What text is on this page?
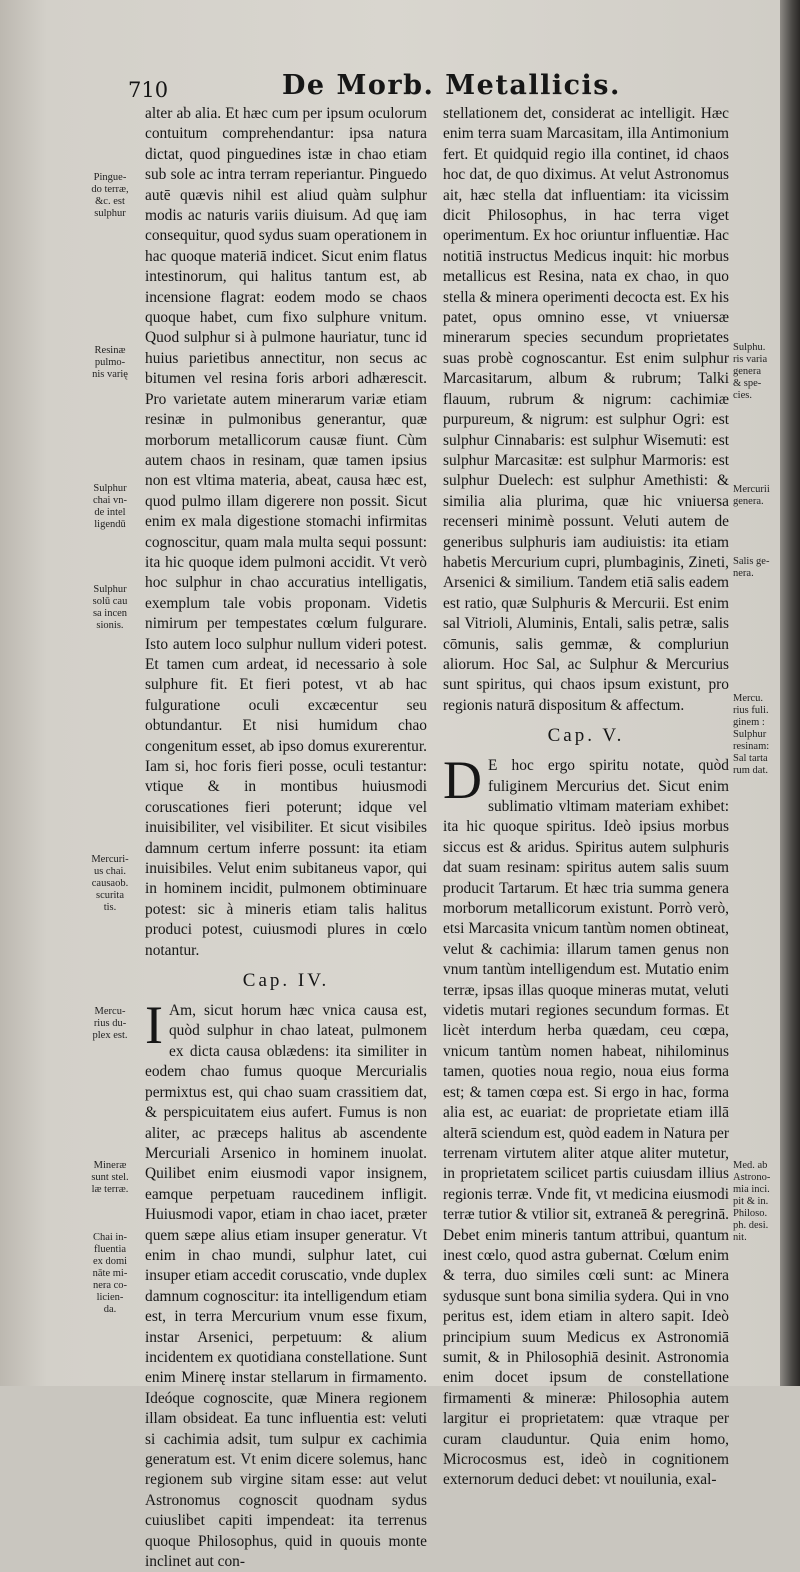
710	De Morb. Metallicis.

alter ab alia. Et hæc cum per ipsum oculorum contuitum comprehendantur: ipsa natura dictat, quod pinguedines istæ in chao etiam sub sole ac intra terram reperiantur. Pinguedo autē quævis nihil est aliud quàm sulphur modis ac naturis variis diuisum. Ad quę iam consequitur, quod sydus suam operationem in hac quoque materiā indicet. Sicut enim flatus intestinorum, qui halitus tantum est, ab incensione flagrat: eodem modo se chaos quoque habet, cum fixo sulphure vnitum. Quod sulphur si à pulmone hauriatur, tunc id huius parietibus annectitur, non secus ac bitumen vel resina foris arbori adhærescit. Pro varietate autem minerarum variæ etiam resinæ in pulmonibus generantur, quæ morborum metallicorum causæ fiunt. Cùm autem chaos in resinam, quæ tamen ipsius non est vltima materia, abeat, causa hæc est, quod pulmo illam digerere non possit. Sicut enim ex mala digestione stomachi infirmitas cognoscitur, quam mala multa sequi possunt: ita hic quoque idem pulmoni accidit. Vt verò hoc sulphur in chao accuratius intelligatis, exemplum tale vobis proponam. Videtis nimirum per tempestates cœlum fulgurare. Isto autem loco sulphur nullum videri potest. Et tamen cum ardeat, id necessario à sole sulphure fit. Et fieri potest, vt ab hac fulguratione oculi excæcentur seu obtundantur. Et nisi humidum chao congenitum esset, ab ipso domus exurerentur. Iam si, hoc foris fieri posse, oculi testantur: vtique & in montibus huiusmodi coruscationes fieri poterunt; idque vel inuisibiliter, vel visibiliter. Et sicut visibiles damnum certum inferre possunt: ita etiam inuisibiles. Velut enim subitaneus vapor, qui in hominem incidit, pulmonem obtiminuare potest: sic à mineris etiam talis halitus produci potest, cuiusmodi plures in cœlo notantur.

Cap. IV.

I Am, sicut horum hæc vnica causa est, quòd sulphur in chao lateat, pulmonem ex dicta causa oblædens: ita similiter in eodem chao fumus quoque Mercurialis permixtus est, qui chao suam crassitiem dat, & perspicuitatem eius aufert. Fumus is non aliter, ac præceps halitus ab ascendente Mercuriali Arsenico in hominem inuolat. Quilibet enim eiusmodi vapor insignem, eamque perpetuam raucedinem infligit. Huiusmodi vapor, etiam in chao iacet, præter quem sæpe alius etiam insuper generatur. Vt enim in chao mundi, sulphur latet, cui insuper etiam accedit coruscatio, vnde duplex damnum cognoscitur: ita intelligendum etiam est, in terra Mercurium vnum esse fixum, instar Arsenici, perpetuum: & alium incidentem ex quotidiana constellatione. Sunt enim Minerę instar stellarum in firmamento. Ideóque cognoscite, quæ Minera regionem illam obsideat. Ea tunc influentia est: veluti si cachimia adsit, tum sulpur ex cachimia generatum est. Vt enim dicere solemus, hanc regionem sub virgine sitam esse: aut velut Astronomus cognoscit quodnam sydus cuiuslibet capiti impendeat: ita terrenus quoque Philosophus, quid in quouis monte inclinet aut con-

stellationem det, considerat ac intelligit. Hæc enim terra suam Marcasitam, illa Antimonium fert. Et quidquid regio illa continet, id chaos hoc dat, de quo diximus. At velut Astronomus ait, hæc stella dat influentiam: ita vicissim dicit Philosophus, in hac terra viget operimentum. Ex hoc oriuntur influentiæ. Hac notitiā instructus Medicus inquit: hic morbus metallicus est Resina, nata ex chao, in quo stella & minera operimenti decocta est. Ex his patet, opus omnino esse, vt vniuersæ minerarum species secundum proprietates suas probè cognoscantur. Est enim sulphur Marcasitarum, album & rubrum; Talki flauum, rubrum & nigrum: cachimiæ purpureum, & nigrum: est sulphur Ogri: est sulphur Cinnabaris: est sulphur Wisemuti: est sulphur Marcasitæ: est sulphur Marmoris: est sulphur Duelech: est sulphur Amethisti: & similia alia plurima, quæ hic vniuersa recenseri minimè possunt. Veluti autem de generibus sulphuris iam audiuistis: ita etiam habetis Mercurium cupri, plumbaginis, Zineti, Arsenici & similium. Tandem etiā salis eadem est ratio, quæ Sulphuris & Mercurii. Est enim sal Vitrioli, Aluminis, Entali, salis petræ, salis cōmunis, salis gemmæ, & compluriun aliorum. Hoc Sal, ac Sulphur & Mercurius sunt spiritus, qui chaos ipsum existunt, pro regionis naturā dispositum & affectum.

Cap. V.

D E hoc ergo spiritu notate, quòd fuliginem Mercurius det. Sicut enim sublimatio vltimam materiam exhibet: ita hic quoque spiritus. Ideò ipsius morbus siccus est & aridus. Spiritus autem sulphuris dat suam resinam: spiritus autem salis suum producit Tartarum. Et hæc tria summa genera morborum metallicorum existunt. Porrò verò, etsi Marcasita vnicum tantùm nomen obtineat, velut & cachimia: illarum tamen genus non vnum tantùm intelligendum est. Mutatio enim terræ, ipsas illas quoque mineras mutat, veluti videtis mutari regiones secundum formas. Et licèt interdum herba quædam, ceu cœpa, vnicum tantùm nomen habeat, nihilominus tamen, quoties noua regio, noua eius forma est; & tamen cœpa est. Si ergo in hac, forma alia est, ac euariat: de proprietate etiam illā alterā sciendum est, quòd eadem in Natura per terrenam virtutem aliter atque aliter mutetur, in proprietatem scilicet partis cuiusdam illius regionis terræ. Vnde fit, vt medicina eiusmodi terræ tutior & vtilior sit, extraneā & peregrinā. Debet enim mineris tantum attribui, quantum inest cœlo, quod astra gubernat. Cœlum enim & terra, duo similes cœli sunt: ac Minera sydusque sunt bona similia sydera. Qui in vno peritus est, idem etiam in altero sapit. Ideò principium suum Medicus ex Astronomiā sumit, & in Philosophiā desinit. Astronomia enim docet ipsum de constellatione firmamenti & mineræ: Philosophia autem largitur ei proprietatem: quæ vtraque per curam clauduntur. Quia enim homo, Microcosmus est, ideò in cognitionem externorum deduci debet: vt nouilunia, exal-

Pingue-
do terræ,
&c. est
sulphur
Resinæ
pulmo-
nis varię
Sulphur
chai vn-
de intel
ligendū
Sulphur
solū cau
sa incen
sionis.
Mercuri-
us chai.
causaob.
scurita
tis.
Mercu-
rius du-
plex est.
Mineræ
sunt stel.
læ terræ.
Chai in-
fluentia
ex domi
nāte mi-
nera co-
licien-
da.
Sulphu.
ris varia
genera
& spe-
cies.
Mercurii
genera.
Salis ge-
nera.
Mercu.
rius fuli.
ginem :
Sulphur
resinam:
Sal tarta
rum dat.
Med. ab
Astrono-
mia inci.
pit & in.
Philoso.
ph. desi.
nit.
